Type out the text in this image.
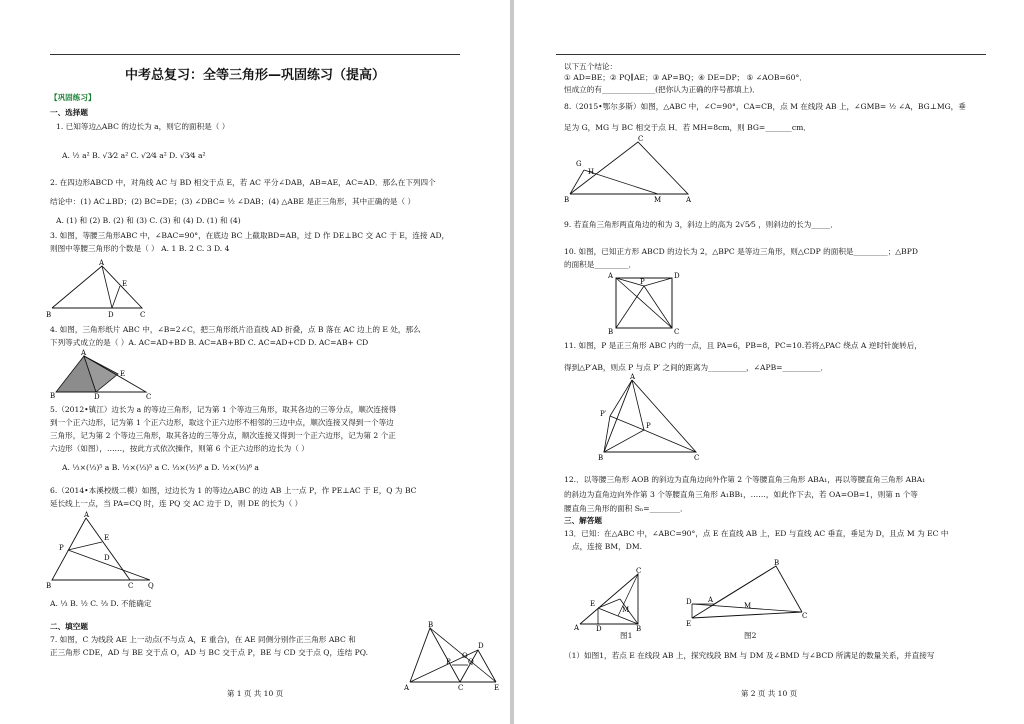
中考总复习：全等三角形—巩固练习（提高）
【巩固练习】
一、选择题
1. 已知等边△ABC 的边长为 a，则它的面积是（ ）
A. ½ a² B. √3⁄2 a² C. √2⁄4 a² D. √3⁄4 a²
2. 在四边形ABCD 中，对角线 AC 与 BD 相交于点 E，若 AC 平分∠DAB，AB=AE，AC=AD．那么在下列四个
结论中：(1) AC⊥BD；(2) BC=DE；(3) ∠DBC= ½ ∠DAB；(4) △ABE 是正三角形，其中正确的是（ ）
A. (1) 和 (2) B. (2) 和 (3) C. (3) 和 (4) D. (1) 和 (4)
3. 如图，等腰三角形ABC 中，∠BAC=90°，在底边 BC 上截取BD=AB，过 D 作 DE⊥BC 交 AC 于 E，连接 AD，
则图中等腰三角形的个数是（ ） A. 1 B. 2 C. 3 D. 4
A
B	D	C
E
4. 如图，三角形纸片 ABC 中，∠B=2∠C，把三角形纸片沿直线 AD 折叠，点 B 落在 AC 边上的 E 处，那么
下列等式成立的是（ ）A. AC=AD+BD B. AC=AB+BD C. AC=AD+CD D. AC=AB+ CD
A
B	D
E
C
5.（2012•镇江）边长为 a 的等边三角形，记为第 1 个等边三角形，取其各边的三等分点，顺次连接得
到一个正六边形，记为第 1 个正六边形，取这个正六边形不相邻的三边中点，顺次连接又得到一个等边
三角形，记为第 2 个等边三角形，取其各边的三等分点，顺次连接又得到一个正六边形，记为第 2 个正
六边形（如图），……，按此方式依次操作，则第 6 个正六边形的边长为（ ）
A. ⅓×(⅓)⁵ a B. ½×(⅓)⁵ a C. ⅓×(½)⁶ a D. ½×(⅓)⁶ a
6.（2014•本溪校级二模）如图，过边长为 1 的等边△ABC 的边 AB 上一点 P，作 PE⊥AC 于 E，Q 为 BC
延长线上一点，当 PA=CQ 时，连 PQ 交 AC 边于 D，则 DE 的长为（ ）
A
P
E
D
B	C Q
A. ⅓ B. ½ C. ⅔ D. 不能确定
二、填空题
7. 如图，C 为线段 AE 上一动点(不与点 A，E 重合)，在 AE 同侧分别作正三角形 ABC 和
正三角形 CDE，AD 与 BE 交于点 O，AD 与 BC 交于点 P，BE 与 CD 交于点 Q，连结 PQ.
B
D
A	C	E
P Q
O
第 1 页 共 10 页
以下五个结论：
① AD=BE；② PQ∥AE；③ AP=BQ；④ DE=DP； ⑤ ∠AOB=60°．
恒成立的有______________(把你认为正确的序号都填上)．
8.（2015•鄂尔多斯）如图，△ABC 中，∠C=90°，CA=CB，点 M 在线段 AB 上，∠GMB= ½ ∠A，BG⊥MG，垂
足为 G，MG 与 BC 相交于点 H．若 MH=8cm，则 BG=_______cm．
C
G
H
B	M	A
9. 若直角三角形两直角边的和为 3，斜边上的高为 2√5⁄5 ，则斜边的长为_____．
10. 如图，已知正方形 ABCD 的边长为 2，△BPC 是等边三角形，则△CDP 的面积是_________；△BPD
的面积是_________．
A	D
B	C
P
11. 如图，P 是正三角形 ABC 内的一点，且 PA=6，PB=8，PC=10.若将△PAC 绕点 A 逆时针旋转后，
得到△P′AB，则点 P 与点 P′ 之间的距离为__________，∠APB=__________．
A
P′
P
B	C
12.．以等腰三角形 AOB 的斜边为直角边向外作第 2 个等腰直角三角形 ABA₁，再以等腰直角三角形 ABA₁
的斜边为直角边向外作第 3 个等腰直角三角形 A₁BB₁，……，如此作下去，若 OA=OB=1，则第 n 个等
腰直角三角形的面积 Sₙ=________．
三、解答题
13．已知：在△ABC 中，∠ABC=90°，点 E 在直线 AB 上，ED 与直线 AC 垂直，垂足为 D，且点 M 为 EC 中
点，连接 BM，DM.
C
E
M
A D	B
图1
B
D A
M
E
C
图2
（1）如图1，若点 E 在线段 AB 上，探究线段 BM 与 DM 及∠BMD 与∠BCD 所满足的数量关系，并直接写
第 2 页 共 10 页
